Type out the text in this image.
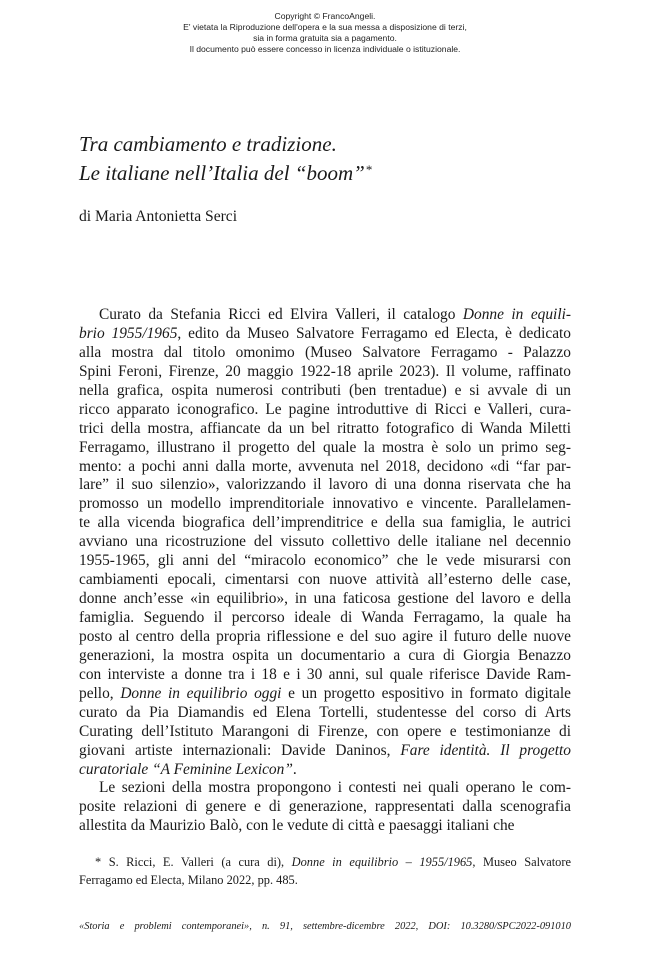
Copyright © FrancoAngeli.
E' vietata la Riproduzione dell'opera e la sua messa a disposizione di terzi,
sia in forma gratuita sia a pagamento.
Il documento può essere concesso in licenza individuale o istituzionale.
Tra cambiamento e tradizione.
Le italiane nell’Italia del “boom”*
di Maria Antonietta Serci
Curato da Stefania Ricci ed Elvira Valleri, il catalogo Donne in equili-
brio 1955/1965, edito da Museo Salvatore Ferragamo ed Electa, è dedicato
alla mostra dal titolo omonimo (Museo Salvatore Ferragamo - Palazzo
Spini Feroni, Firenze, 20 maggio 1922-18 aprile 2023). Il volume, raffinato
nella grafica, ospita numerosi contributi (ben trentadue) e si avvale di un
ricco apparato iconografico. Le pagine introduttive di Ricci e Valleri, cura-
trici della mostra, affiancate da un bel ritratto fotografico di Wanda Miletti
Ferragamo, illustrano il progetto del quale la mostra è solo un primo seg-
mento: a pochi anni dalla morte, avvenuta nel 2018, decidono «di “far par-
lare” il suo silenzio», valorizzando il lavoro di una donna riservata che ha
promosso un modello imprenditoriale innovativo e vincente. Parallelamen-
te alla vicenda biografica dell’imprenditrice e della sua famiglia, le autrici
avviano una ricostruzione del vissuto collettivo delle italiane nel decennio
1955-1965, gli anni del “miracolo economico” che le vede misurarsi con
cambiamenti epocali, cimentarsi con nuove attività all’esterno delle case,
donne anch’esse «in equilibrio», in una faticosa gestione del lavoro e della
famiglia. Seguendo il percorso ideale di Wanda Ferragamo, la quale ha
posto al centro della propria riflessione e del suo agire il futuro delle nuove
generazioni, la mostra ospita un documentario a cura di Giorgia Benazzo
con interviste a donne tra i 18 e i 30 anni, sul quale riferisce Davide Ram-
pello, Donne in equilibrio oggi e un progetto espositivo in formato digitale
curato da Pia Diamandis ed Elena Tortelli, studentesse del corso di Arts
Curating dell’Istituto Marangoni di Firenze, con opere e testimonianze di
giovani artiste internazionali: Davide Daninos, Fare identità. Il progetto
curatoriale “A Feminine Lexicon”.
Le sezioni della mostra propongono i contesti nei quali operano le com-
posite relazioni di genere e di generazione, rappresentati dalla scenografia
allestita da Maurizio Balò, con le vedute di città e paesaggi italiani che
* S. Ricci, E. Valleri (a cura di), Donne in equilibrio – 1955/1965, Museo Salvatore
Ferragamo ed Electa, Milano 2022, pp. 485.
«Storia e problemi contemporanei», n. 91, settembre-dicembre 2022, DOI: 10.3280/SPC2022-091010
